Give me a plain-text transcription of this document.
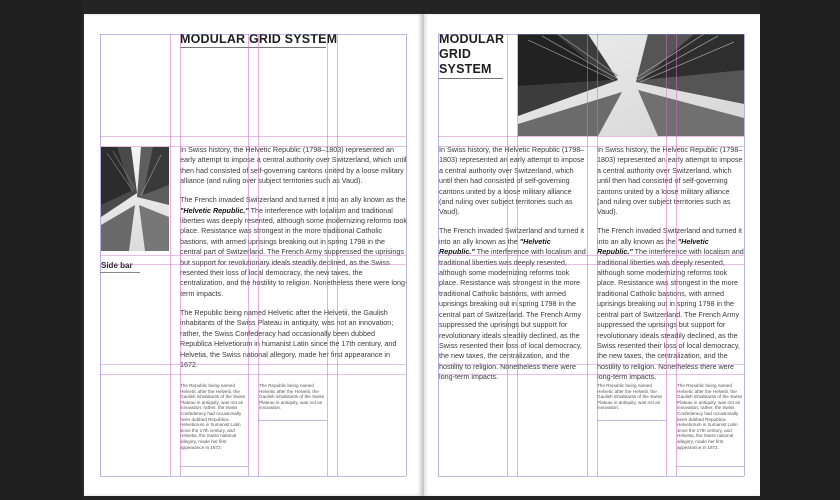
MODULAR GRID SYSTEM

Side bar

In Swiss history, the Helvetic Republic (1798–1803) represented an early attempt to impose a central authority over Switzerland, which until then had consisted of self-governing cantons united by a loose military alliance (and ruling over subject territories such as Vaud).

The French invaded Switzerland and turned it into an ally known as the "Helvetic Republic." The interference with localism and traditional liberties was deeply resented, although some modernizing reforms took place. Resistance was strongest in the more traditional Catholic bastions, with armed uprisings breaking out in spring 1798 in the central part of Switzerland. The French Army suppressed the uprisings but support for revolutionary ideals steadily declined, as the Swiss resented their loss of local democracy, the new taxes, the centralization, and the hostility to religion. Nonetheless there were long-term impacts.

The Republic being named Helvetic after the Helvetii, the Gaulish inhabitants of the Swiss Plateau in antiquity, was not an innovation; rather, the Swiss Confederacy had occasionally been dubbed Republica Helvetiorum in humanist Latin since the 17th century, and Helvetia, the Swiss national allegory, made her first appearance in 1672.

The Republic being named Helvetic after the Helvetii, the Gaulish inhabitants of the Swiss Plateau in antiquity, was not an innovation; rather, the Swiss Confederacy had occasionally been dubbed Republica Helvetiorum in humanist Latin since the 17th century, and Helvetia, the Swiss national allegory, made her first appearance in 1672.

The Republic being named Helvetic after the Helvetii, the Gaulish inhabitants of the Swiss Plateau in antiquity, was not an innovation.

MODULAR
GRID
SYSTEM

In Swiss history, the Helvetic Republic (1798–1803) represented an early attempt to impose a central authority over Switzerland, which until then had consisted of self-governing cantons united by a loose military alliance (and ruling over subject territories such as Vaud).

The French invaded Switzerland and turned it into an ally known as the "Helvetic Republic." The interference with localism and traditional liberties was deeply resented, although some modernizing reforms took place. Resistance was strongest in the more traditional Catholic bastions, with armed uprisings breaking out in spring 1798 in the central part of Switzerland. The French Army suppressed the uprisings but support for revolutionary ideals steadily declined, as the Swiss resented their loss of local democracy, the new taxes, the centralization, and the hostility to religion. Nonetheless there were long-term impacts.

In Swiss history, the Helvetic Republic (1798–1803) represented an early attempt to impose a central authority over Switzerland, which until then had consisted of self-governing cantons united by a loose military alliance (and ruling over subject territories such as Vaud).

The French invaded Switzerland and turned it into an ally known as the "Helvetic Republic." The interference with localism and traditional liberties was deeply resented, although some modernizing reforms took place. Resistance was strongest in the more traditional Catholic bastions, with armed uprisings breaking out in spring 1798 in the central part of Switzerland. The French Army suppressed the uprisings but support for revolutionary ideals steadily declined, as the Swiss resented their loss of local democracy, the new taxes, the centralization, and the hostility to religion. Nonetheless there were long-term impacts.

The Republic being named Helvetic after the Helvetii, the Gaulish inhabitants of the Swiss Plateau in antiquity, was not an innovation.

The Republic being named Helvetic after the Helvetii, the Gaulish inhabitants of the Swiss Plateau in antiquity, was not an innovation; rather, the Swiss Confederacy had occasionally been dubbed Republica Helvetiorum in humanist Latin since the 17th century, and Helvetia, the Swiss national allegory, made her first appearance in 1672.
